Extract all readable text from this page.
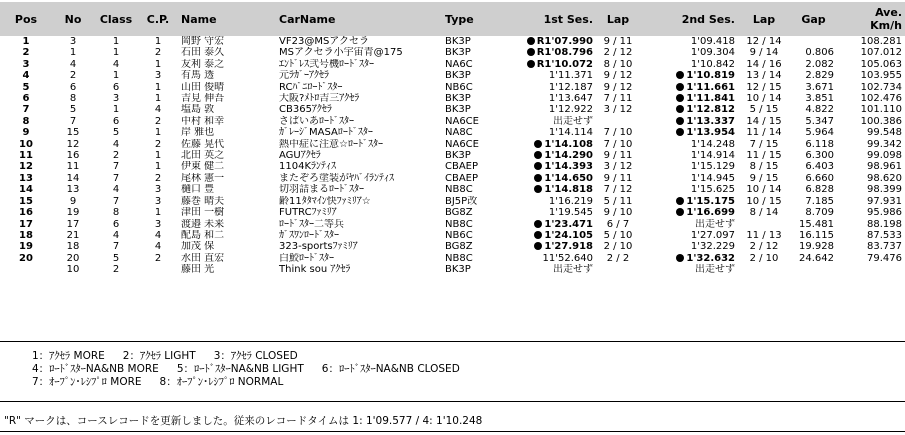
Pos	No	Class	C.P.	Name	CarName	Type	1st Ses.	Lap	2nd Ses.	Lap	Gap	Ave.
Km/h
1	3	1	1	岡野 守宏	VF23@MSアクセラ	BK3P	R1'07.990	9 / 11	1'09.418	12 / 14		108.281
2	1	1	2	石田 泰久	MSアクセラ小宇宙青@175	BK3P	R1'08.796	2 / 12	1'09.304	9 / 14	0.806	107.012
3	4	4	1	友利 泰之	ｴﾝﾄﾞﾚｽ弐号機ﾛｰﾄﾞｽﾀｰ	NA6C	R1'10.072	8 / 10	1'10.842	14 / 16	2.082	105.063
4	2	1	3	有馬 透	元ﾗｶﾞｰｱｸｾﾗ	BK3P	1'11.371	9 / 12	1'10.819	13 / 14	2.829	103.955
5	6	6	1	山田 俊晴	RCﾊﾞﾆﾛｰﾄﾞｽﾀｰ	NB6C	1'12.187	9 / 12	1'11.661	12 / 15	3.671	102.734
6	8	3	1	吉見 伸吾	大阪?ﾒﾄﾛ吉三ｱｸｾﾗ	BK3P	1'13.647	7 / 11	1'11.841	10 / 14	3.851	102.476
7	5	1	4	塩島 敦	CB365ｱｸｾﾗ	BK3P	1'12.922	3 / 12	1'12.812	5 / 15	4.822	101.110
8	7	6	2	中村 和幸	さぱいあﾛｰﾄﾞｽﾀｰ	NA6CE	出走せず		1'13.337	14 / 15	5.347	100.386
9	15	5	1	岸 雅也	ｶﾞﾚｰｼﾞMASAﾛｰﾄﾞｽﾀｰ	NA8C	1'14.114	7 / 10	1'13.954	11 / 14	5.964	99.548
10	12	4	2	佐藤 晃代	熱中症に注意☆ﾛｰﾄﾞｽﾀｰ	NA6CE	1'14.108	7 / 10	1'14.248	7 / 15	6.118	99.342
11	16	2	1	北田 英之	AGUｱｸｾﾗ	BK3P	1'14.290	9 / 11	1'14.914	11 / 15	6.300	99.098
12	11	7	1	伊東 健二	1104Kﾗﾝﾃｨｽ	CBAEP	1'14.393	3 / 12	1'15.129	8 / 15	6.403	98.961
13	14	7	2	尾林 憲一	またぞろ塗装がﾔﾊﾞｲﾗﾝﾃｨｽ	CBAEP	1'14.650	9 / 11	1'14.945	9 / 15	6.660	98.620
14	13	4	3	樋口 豊	切羽詰まるﾛｰﾄﾞｽﾀｰ	NB8C	1'14.818	7 / 12	1'15.625	10 / 14	6.828	98.399
15	9	7	3	藤巻 晴夫	齢11ﾀﾀﾏｲﾝ快ﾌｧﾐﾘｱ☆	BJ5P改	1'16.219	5 / 11	1'15.175	10 / 15	7.185	97.931
16	19	8	1	津田 一樹	FUTRCﾌｧﾐﾘｱ	BG8Z	1'19.545	9 / 10	1'16.699	8 / 14	8.709	95.986
17	17	6	3	渡邉 未来	ﾛｰﾄﾞｽﾀｰ二等兵	NB8C	1'23.471	6 / 7	出走せず		15.481	88.198
18	21	4	4	配島 和二	ｶﾞｽﾜﾝﾛｰﾄﾞｽﾀｰ	NB6C	1'24.105	5 / 10	1'27.097	11 / 13	16.115	87.533
19	18	7	4	加茂 保	323-sportsﾌｧﾐﾘｱ	BG8Z	1'27.918	2 / 10	1'32.229	2 / 12	19.928	83.737
20	20	5	2	水田 直宏	白鮫ﾛｰﾄﾞｽﾀｰ	NB8C	11'52.640	2 / 2	1'32.632	2 / 10	24.642	79.476
	10	2		藤田 光	Think sou ｱｸｾﾗ	BK3P	出走せず		出走せず			
1：ｱｸｾﾗ MORE 2：ｱｸｾﾗ LIGHT 3：ｱｸｾﾗ CLOSED
4：ﾛｰﾄﾞｽﾀｰNA&NB MORE 5：ﾛｰﾄﾞｽﾀｰNA&NB LIGHT 6：ﾛｰﾄﾞｽﾀｰNA&NB CLOSED
7：ｵｰﾌﾟﾝ･ﾚｼﾌﾟﾛ MORE 8：ｵｰﾌﾟﾝ･ﾚｼﾌﾟﾛ NORMAL
"R" マークは、コースレコードを更新しました。従来のレコードタイムは 1: 1'09.577 / 4: 1'10.248
